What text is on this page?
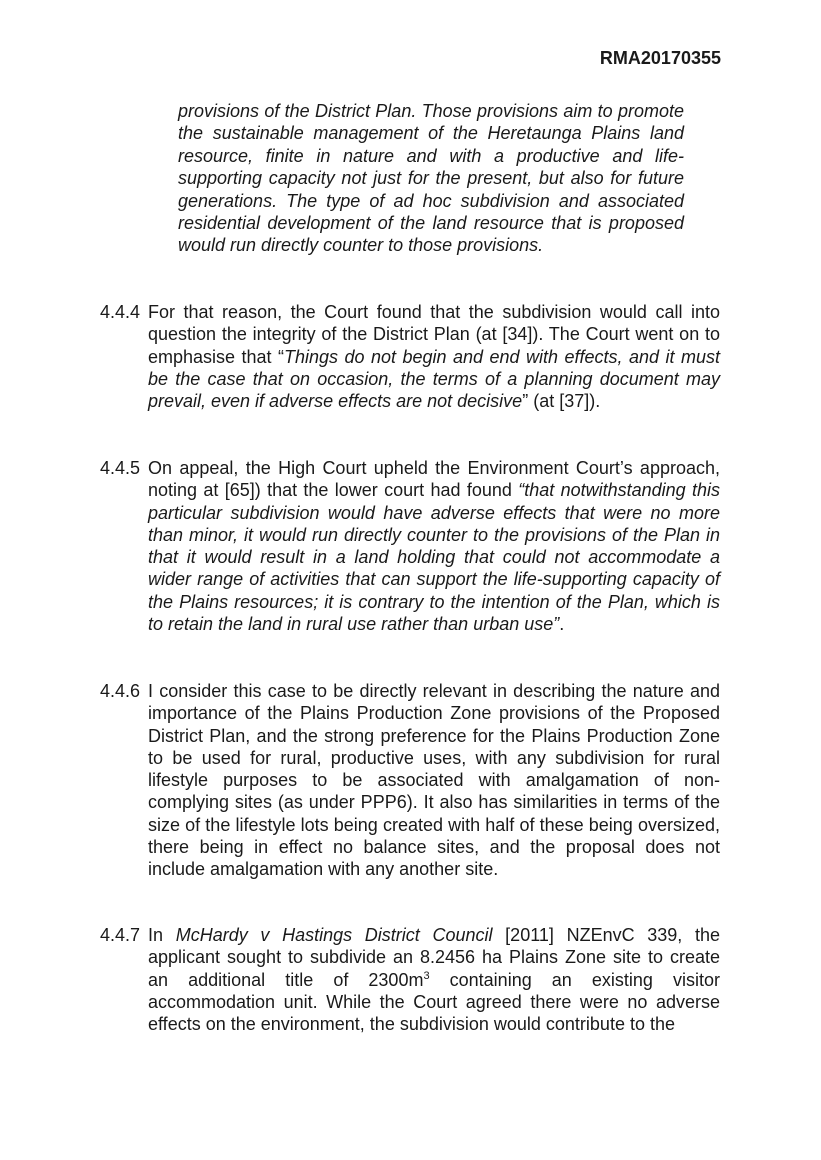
RMA20170355
provisions of the District Plan. Those provisions aim to promote the sustainable management of the Heretaunga Plains land resource, finite in nature and with a productive and life-supporting capacity not just for the present, but also for future generations. The type of ad hoc subdivision and associated residential development of the land resource that is proposed would run directly counter to those provisions.
4.4.4 For that reason, the Court found that the subdivision would call into question the integrity of the District Plan (at [34]). The Court went on to emphasise that “Things do not begin and end with effects, and it must be the case that on occasion, the terms of a planning document may prevail, even if adverse effects are not decisive” (at [37]).
4.4.5 On appeal, the High Court upheld the Environment Court’s approach, noting at [65]) that the lower court had found “that notwithstanding this particular subdivision would have adverse effects that were no more than minor, it would run directly counter to the provisions of the Plan in that it would result in a land holding that could not accommodate a wider range of activities that can support the life-supporting capacity of the Plains resources; it is contrary to the intention of the Plan, which is to retain the land in rural use rather than urban use”.
4.4.6 I consider this case to be directly relevant in describing the nature and importance of the Plains Production Zone provisions of the Proposed District Plan, and the strong preference for the Plains Production Zone to be used for rural, productive uses, with any subdivision for rural lifestyle purposes to be associated with amalgamation of non-complying sites (as under PPP6). It also has similarities in terms of the size of the lifestyle lots being created with half of these being oversized, there being in effect no balance sites, and the proposal does not include amalgamation with any another site.
4.4.7 In McHardy v Hastings District Council [2011] NZEnvC 339, the applicant sought to subdivide an 8.2456 ha Plains Zone site to create an additional title of $2300m^3$ containing an existing visitor accommodation unit. While the Court agreed there were no adverse effects on the environment, the subdivision would contribute to the
